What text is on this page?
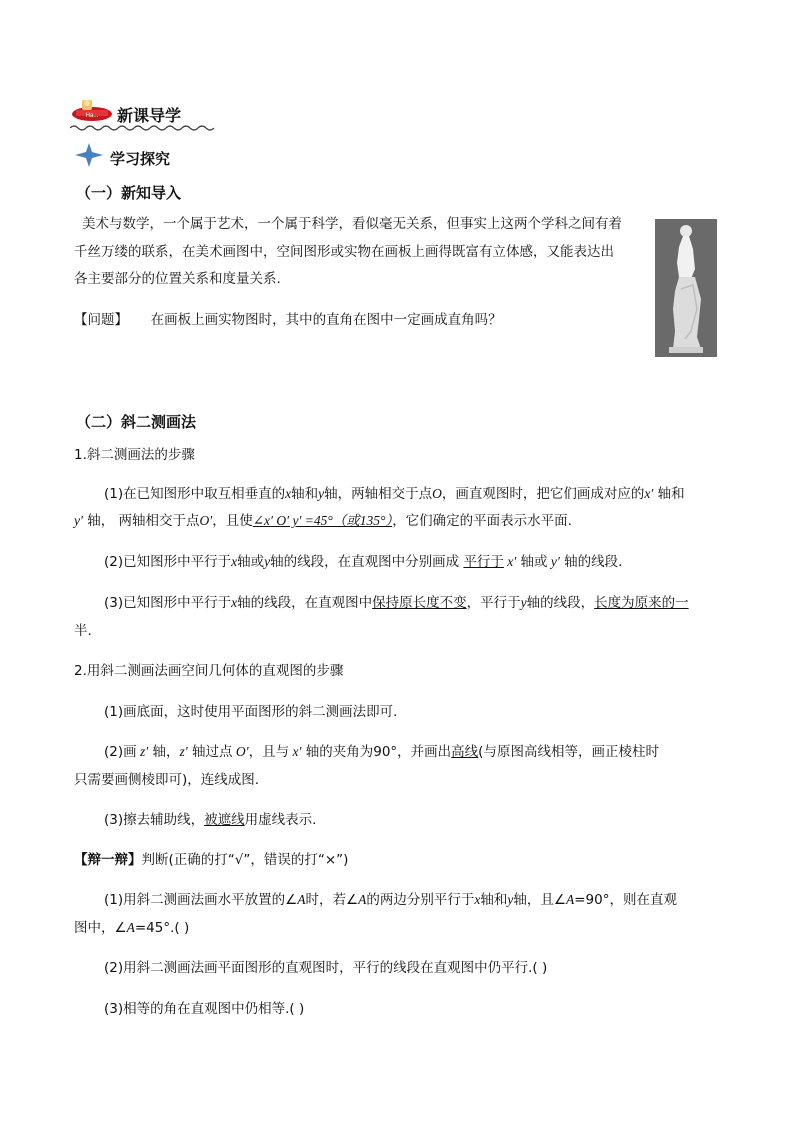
Ha... 新课导学
学习探究
（一）新知导入
美术与数学，一个属于艺术，一个属于科学，看似毫无关系，但事实上这两个学科之间有着
千丝万缕的联系，在美术画图中，空间图形或实物在画板上画得既富有立体感，又能表达出
各主要部分的位置关系和度量关系.
【问题】 在画板上画实物图时，其中的直角在图中一定画成直角吗？
（二）斜二测画法
1.斜二测画法的步骤
(1)在已知图形中取互相垂直的x轴和y轴，两轴相交于点O，画直观图时，把它们画成对应的x′ 轴和
y′ 轴， 两轴相交于点O′，且使∠x′ O′ y′ =45°（或135°），它们确定的平面表示水平面.
(2)已知图形中平行于x轴或y轴的线段，在直观图中分别画成 平行于 x′ 轴或 y′ 轴的线段.
(3)已知图形中平行于x轴的线段，在直观图中保持原长度不变，平行于y轴的线段，长度为原来的一
半.
2.用斜二测画法画空间几何体的直观图的步骤
(1)画底面，这时使用平面图形的斜二测画法即可.
(2)画 z′ 轴，z′ 轴过点 O′，且与 x′ 轴的夹角为90°，并画出高线(与原图高线相等，画正棱柱时
只需要画侧棱即可)，连线成图.
(3)擦去辅助线，被遮线用虚线表示.
【辩一辩】判断(正确的打“√”，错误的打“×”)
(1)用斜二测画法画水平放置的∠A时，若∠A的两边分别平行于x轴和y轴，且∠A=90°，则在直观
图中，∠A=45°.( )
(2)用斜二测画法画平面图形的直观图时，平行的线段在直观图中仍平行.( )
(3)相等的角在直观图中仍相等.( )
